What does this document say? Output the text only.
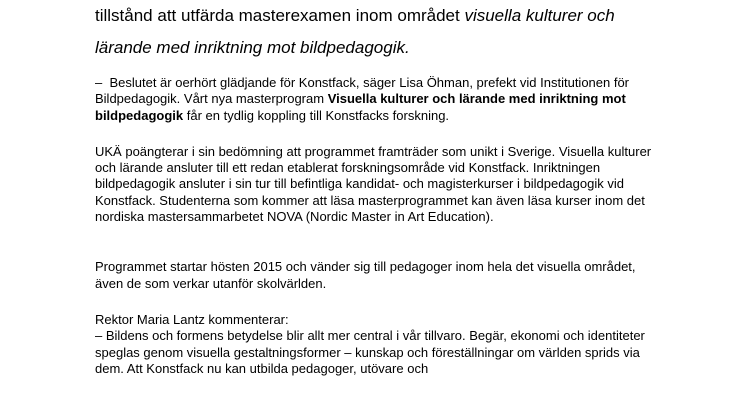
tillstånd att utfärda masterexamen inom området visuella kulturer och lärande med inriktning mot bildpedagogik.

–  Beslutet är oerhört glädjande för Konstfack, säger Lisa Öhman, prefekt vid Institutionen för Bildpedagogik. Vårt nya masterprogram Visuella kulturer och lärande med inriktning mot bildpedagogik får en tydlig koppling till Konstfacks forskning.

UKÄ poängterar i sin bedömning att programmet framträder som unikt i Sverige. Visuella kulturer och lärande ansluter till ett redan etablerat forskningsområde vid Konstfack. Inriktningen bildpedagogik ansluter i sin tur till befintliga kandidat- och magisterkurser i bildpedagogik vid Konstfack. Studenterna som kommer att läsa masterprogrammet kan även läsa kurser inom det nordiska mastersammarbetet NOVA (Nordic Master in Art Education).

Programmet startar hösten 2015 och vänder sig till pedagoger inom hela det visuella området, även de som verkar utanför skolvärlden.

Rektor Maria Lantz kommenterar:

– Bildens och formens betydelse blir allt mer central i vår tillvaro. Begär, ekonomi och identiteter speglas genom visuella gestaltningsformer – kunskap och föreställningar om världen sprids via dem. Att Konstfack nu kan utbilda pedagoger, utövare och
